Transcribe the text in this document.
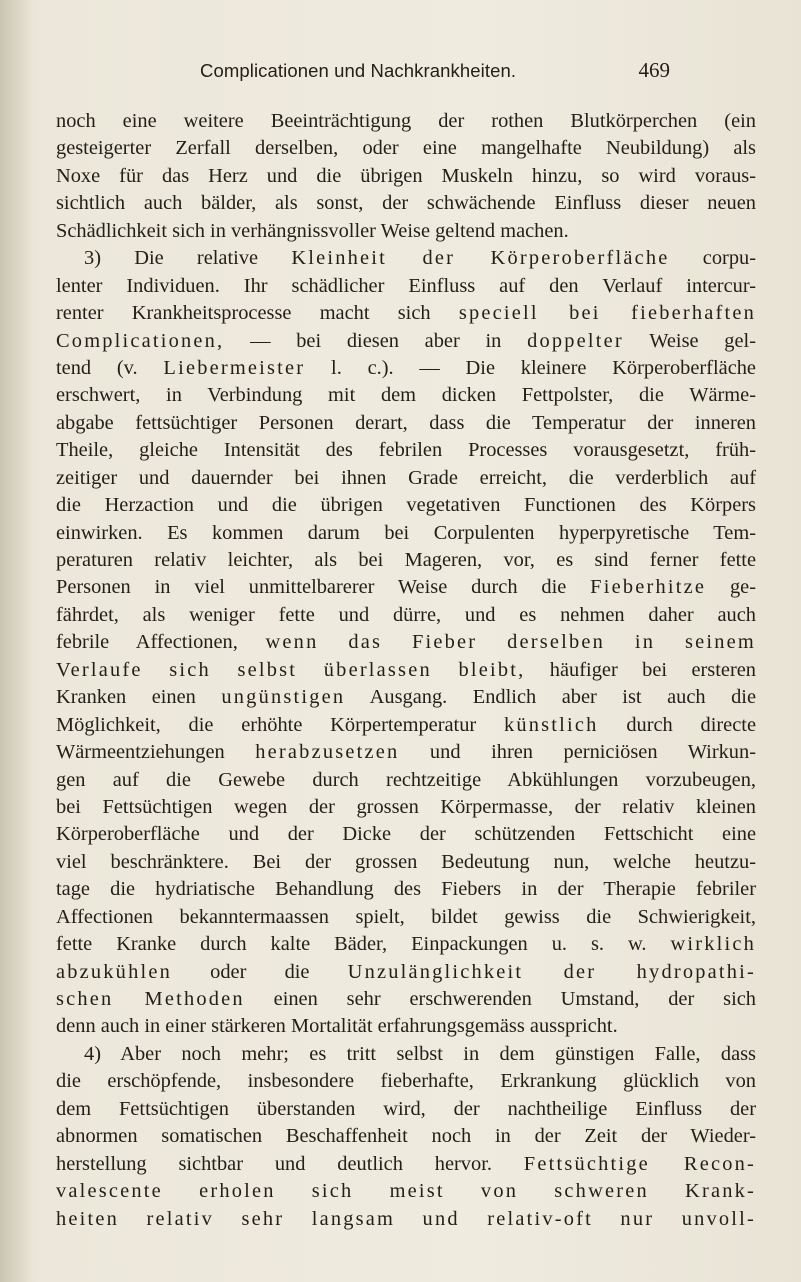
Complicationen und Nachkrankheiten.	469
noch eine weitere Beeinträchtigung der rothen Blutkörperchen (ein
gesteigerter Zerfall derselben, oder eine mangelhafte Neubildung) als
Noxe für das Herz und die übrigen Muskeln hinzu, so wird voraus-
sichtlich auch bälder, als sonst, der schwächende Einfluss dieser neuen
Schädlichkeit sich in verhängnissvoller Weise geltend machen.
3) Die relative Kleinheit der Körperoberfläche corpu-
lenter Individuen. Ihr schädlicher Einfluss auf den Verlauf intercur-
renter Krankheitsprocesse macht sich speciell bei fieberhaften
Complicationen, — bei diesen aber in doppelter Weise gel-
tend (v. Liebermeister l. c.). — Die kleinere Körperoberfläche
erschwert, in Verbindung mit dem dicken Fettpolster, die Wärme-
abgabe fettsüchtiger Personen derart, dass die Temperatur der inneren
Theile, gleiche Intensität des febrilen Processes vorausgesetzt, früh-
zeitiger und dauernder bei ihnen Grade erreicht, die verderblich auf
die Herzaction und die übrigen vegetativen Functionen des Körpers
einwirken. Es kommen darum bei Corpulenten hyperpyretische Tem-
peraturen relativ leichter, als bei Mageren, vor, es sind ferner fette
Personen in viel unmittelbarerer Weise durch die Fieberhitze ge-
fährdet, als weniger fette und dürre, und es nehmen daher auch
febrile Affectionen, wenn das Fieber derselben in seinem
Verlaufe sich selbst überlassen bleibt, häufiger bei ersteren
Kranken einen ungünstigen Ausgang. Endlich aber ist auch die
Möglichkeit, die erhöhte Körpertemperatur künstlich durch directe
Wärmeentziehungen herabzusetzen und ihren perniciösen Wirkun-
gen auf die Gewebe durch rechtzeitige Abkühlungen vorzubeugen,
bei Fettsüchtigen wegen der grossen Körpermasse, der relativ kleinen
Körperoberfläche und der Dicke der schützenden Fettschicht eine
viel beschränktere. Bei der grossen Bedeutung nun, welche heutzu-
tage die hydriatische Behandlung des Fiebers in der Therapie febriler
Affectionen bekanntermaassen spielt, bildet gewiss die Schwierigkeit,
fette Kranke durch kalte Bäder, Einpackungen u. s. w. wirklich
abzukühlen oder die Unzulänglichkeit der hydropathi-
schen Methoden einen sehr erschwerenden Umstand, der sich
denn auch in einer stärkeren Mortalität erfahrungsgemäss ausspricht.
4) Aber noch mehr; es tritt selbst in dem günstigen Falle, dass
die erschöpfende, insbesondere fieberhafte, Erkrankung glücklich von
dem Fettsüchtigen überstanden wird, der nachtheilige Einfluss der
abnormen somatischen Beschaffenheit noch in der Zeit der Wieder-
herstellung sichtbar und deutlich hervor. Fettsüchtige Recon-
valescente erholen sich meist von schweren Krank-
heiten relativ sehr langsam und relativ-oft nur unvoll-
